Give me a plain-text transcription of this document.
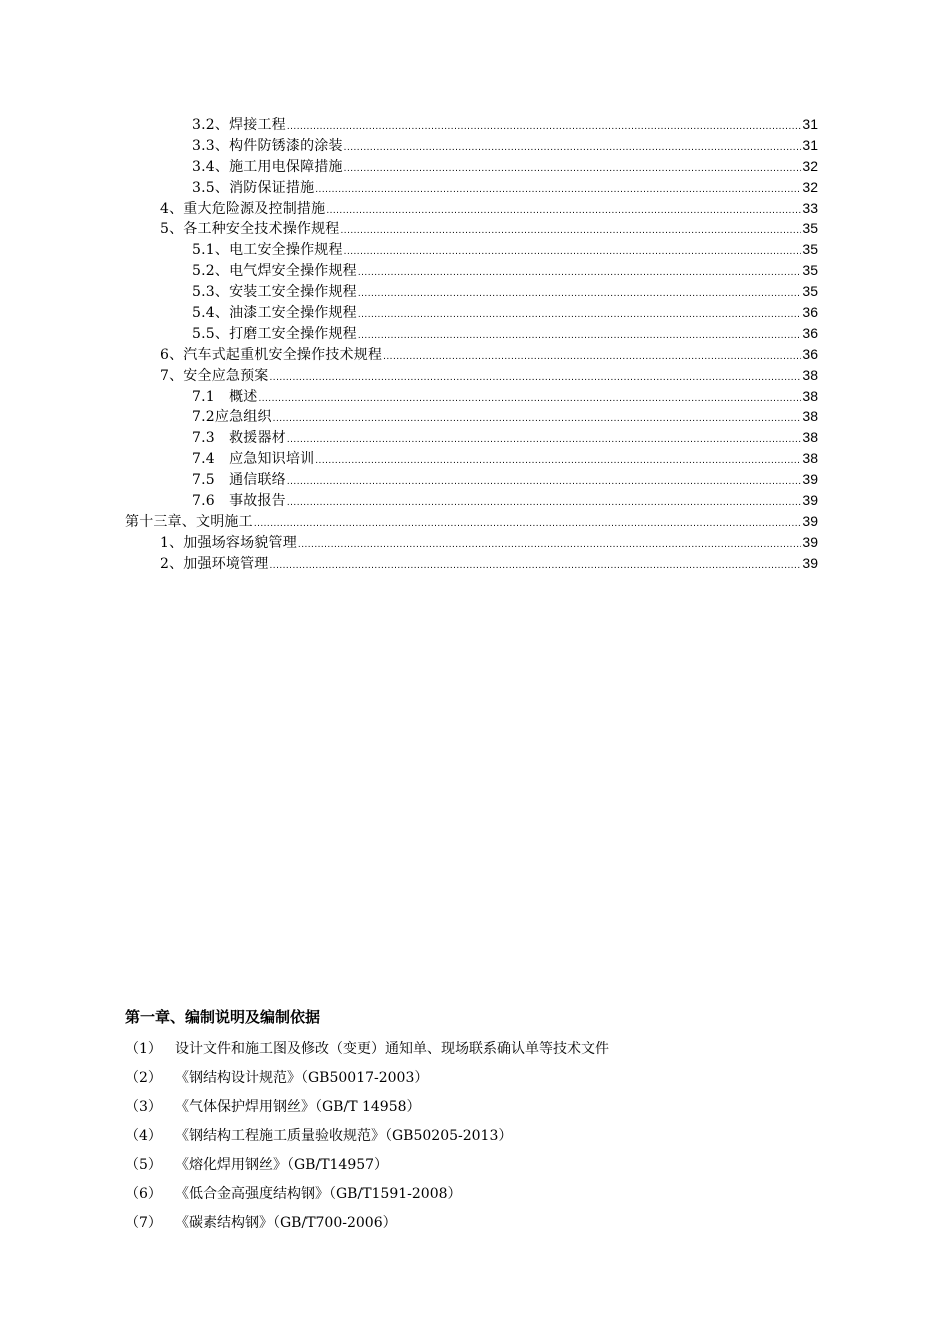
3.2、焊接工程 .....	31
3.3、构件防锈漆的涂装 .....	31
3.4、施工用电保障措施 .....	32
3.5、消防保证措施 .....	32
4、重大危险源及控制措施 .....	33
5、各工种安全技术操作规程 .....	35
5.1、电工安全操作规程 .....	35
5.2、电气焊安全操作规程 .....	35
5.3、安装工安全操作规程 .....	35
5.4、油漆工安全操作规程 .....	36
5.5、打磨工安全操作规程 .....	36
6、汽车式起重机安全操作技术规程 .....	36
7、安全应急预案 .....	38
7.1　概述 .....	38
7.2应急组织 .....	38
7.3　救援器材 .....	38
7.4　应急知识培训 .....	38
7.5　通信联络 .....	39
7.6　事故报告 .....	39
第十三章、文明施工 .....	39
1、加强场容场貌管理 .....	39
2、加强环境管理 .....	39
第一章、编制说明及编制依据
（1） 设计文件和施工图及修改（变更）通知单、现场联系确认单等技术文件
（2） 《钢结构设计规范》（GB50017-2003）
（3） 《气体保护焊用钢丝》（GB/T 14958）
（4） 《钢结构工程施工质量验收规范》（GB50205-2013）
（5） 《熔化焊用钢丝》（GB/T14957）
（6） 《低合金高强度结构钢》（GB/T1591-2008）
（7） 《碳素结构钢》（GB/T700-2006）
